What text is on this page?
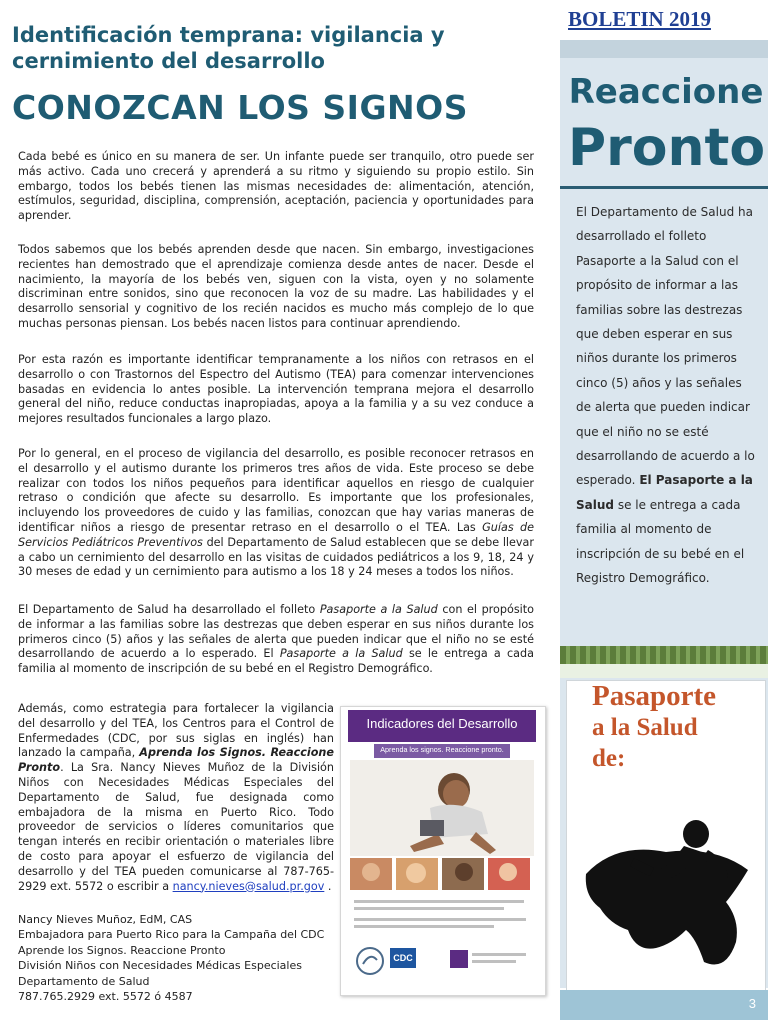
BOLETIN 2019
Identificación temprana: vigilancia y
cernimiento del desarrollo
CONOZCAN LOS SIGNOS
Cada bebé es único en su manera de ser. Un infante puede ser tranquilo, otro puede ser más activo. Cada uno crecerá y aprenderá a su ritmo y siguiendo su propio estilo. Sin embargo, todos los bebés tienen las mismas necesidades de: alimentación, atención, estímulos, seguridad, disciplina, comprensión, aceptación, paciencia y oportunidades para aprender.
Todos sabemos que los bebés aprenden desde que nacen. Sin embargo, investigaciones recientes han demostrado que el aprendizaje comienza desde antes de nacer. Desde el nacimiento, la mayoría de los bebés ven, siguen con la vista, oyen y no solamente discriminan entre sonidos, sino que reconocen la voz de su madre. Las habilidades y el desarrollo sensorial y cognitivo de los recién nacidos es mucho más complejo de lo que muchas personas piensan. Los bebés nacen listos para continuar aprendiendo.
Por esta razón es importante identificar tempranamente a los niños con retrasos en el desarrollo o con Trastornos del Espectro del Autismo (TEA) para comenzar intervenciones basadas en evidencia lo antes posible. La intervención temprana mejora el desarrollo general del niño, reduce conductas inapropiadas, apoya a la familia y a su vez conduce a mejores resultados funcionales a largo plazo.
Por lo general, en el proceso de vigilancia del desarrollo, es posible reconocer retrasos en el desarrollo y el autismo durante los primeros tres años de vida. Este proceso se debe realizar con todos los niños pequeños para identificar aquellos en riesgo de cualquier retraso o condición que afecte su desarrollo. Es importante que los profesionales, incluyendo los proveedores de cuido y las familias, conozcan que hay varias maneras de identificar niños a riesgo de presentar retraso en el desarrollo o el TEA. Las Guías de Servicios Pediátricos Preventivos del Departamento de Salud establecen que se debe llevar a cabo un cernimiento del desarrollo en las visitas de cuidados pediátricos a los 9, 18, 24 y 30 meses de edad y un cernimiento para autismo a los 18 y 24 meses a todos los niños.
El Departamento de Salud ha desarrollado el folleto Pasaporte a la Salud con el propósito de informar a las familias sobre las destrezas que deben esperar en sus niños durante los primeros cinco (5) años y las señales de alerta que pueden indicar que el niño no se esté desarrollando de acuerdo a lo esperado. El Pasaporte a la Salud se le entrega a cada familia al momento de inscripción de su bebé en el Registro Demográfico.
Además, como estrategia para fortalecer la vigilancia del desarrollo y del TEA, los Centros para el Control de Enfermedades (CDC, por sus siglas en inglés) han lanzado la campaña, Aprenda los Signos. Reaccione Pronto. La Sra. Nancy Nieves Muñoz de la División Niños con Necesidades Médicas Especiales del Departamento de Salud, fue designada como embajadora de la misma en Puerto Rico. Todo proveedor de servicios o líderes comunitarios que tengan interés en recibir orientación o materiales libre de costo para apoyar el esfuerzo de vigilancia del desarrollo y del TEA pueden comunicarse al 787-765-2929 ext. 5572 o escribir a nancy.nieves@salud.pr.gov .
Nancy Nieves Muñoz, EdM, CAS
Embajadora para Puerto Rico para la Campaña del CDC
Aprende los Signos. Reaccione Pronto
División Niños con Necesidades Médicas Especiales
Departamento de Salud
787.765.2929 ext. 5572 ó 4587
Indicadores del Desarrollo
Aprenda los signos. Reaccione pronto.
CDC
Reaccione
Pronto
El Departamento de Salud ha desarrollado el folleto Pasaporte a la Salud con el propósito de informar a las familias sobre las destrezas que deben esperar en sus niños durante los primeros cinco (5) años y las señales de alerta que pueden indicar que el niño no se esté desarrollando de acuerdo a lo esperado. El Pasaporte a la Salud se le entrega a cada familia al momento de inscripción de su bebé en el Registro Demográfico.
Pasaporte
a la Salud
de:
3
